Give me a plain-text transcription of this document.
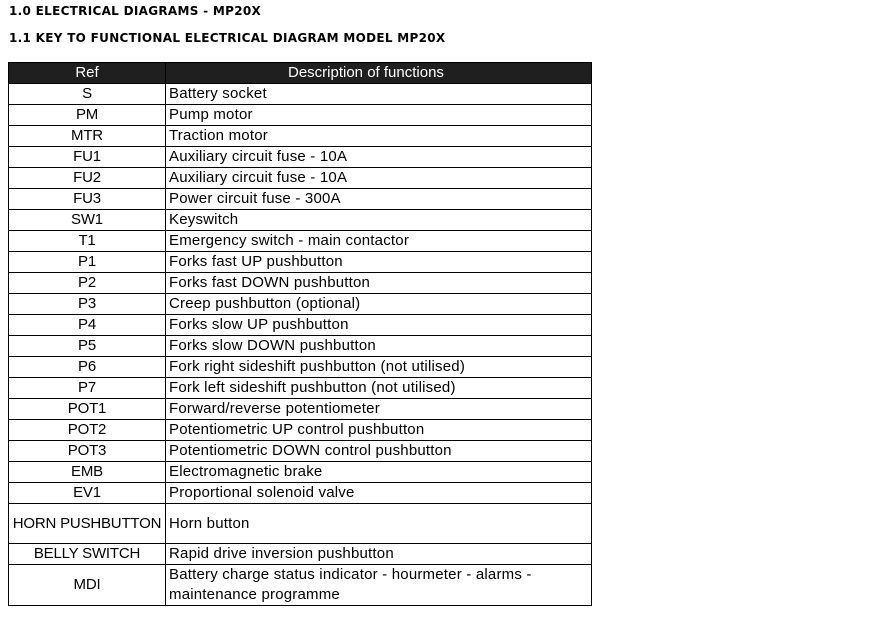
1.0 ELECTRICAL DIAGRAMS - MP20X
1.1 KEY TO FUNCTIONAL ELECTRICAL DIAGRAM MODEL MP20X
Ref	Description of functions
S	Battery socket
PM	Pump motor
MTR	Traction motor
FU1	Auxiliary circuit fuse - 10A
FU2	Auxiliary circuit fuse - 10A
FU3	Power circuit fuse - 300A
SW1	Keyswitch
T1	Emergency switch - main contactor
P1	Forks fast UP pushbutton
P2	Forks fast DOWN pushbutton
P3	Creep pushbutton (optional)
P4	Forks slow UP pushbutton
P5	Forks slow DOWN pushbutton
P6	Fork right sideshift pushbutton (not utilised)
P7	Fork left sideshift pushbutton (not utilised)
POT1	Forward/reverse potentiometer
POT2	Potentiometric UP control pushbutton
POT3	Potentiometric DOWN control pushbutton
EMB	Electromagnetic brake
EV1	Proportional solenoid valve
HORN PUSHBUTTON	Horn button
BELLY SWITCH	Rapid drive inversion pushbutton
MDI	Battery charge status indicator - hourmeter - alarms - maintenance programme
